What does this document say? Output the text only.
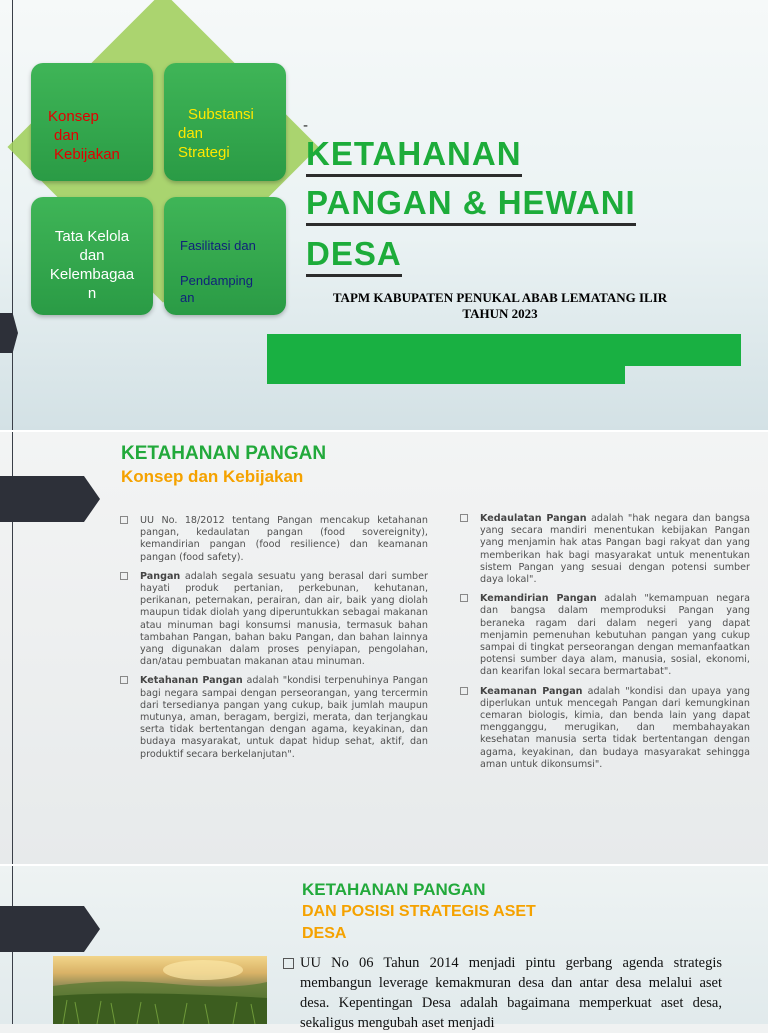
Konsep
dan
Kebijakan
Substansi
dan
Strategi
Tata Kelola
dan
Kelembagaa
n
Fasilitasi dan
Pendamping
an
-
KETAHANAN
PANGAN & HEWANI
DESA
TAPM KABUPATEN PENUKAL ABAB LEMATANG ILIR
TAHUN 2023
KETAHANAN PANGAN
Konsep dan Kebijakan

UU No. 18/2012 tentang Pangan mencakup ketahanan pangan, kedaulatan pangan (food sovereignity), kemandirian pangan (food resilience) dan keamanan pangan (food safety).

Pangan adalah segala sesuatu yang berasal dari sumber hayati produk pertanian, perkebunan, kehutanan, perikanan, peternakan, perairan, dan air, baik yang diolah maupun tidak diolah yang diperuntukkan sebagai makanan atau minuman bagi konsumsi manusia, termasuk bahan tambahan Pangan, bahan baku Pangan, dan bahan lainnya yang digunakan dalam proses penyiapan, pengolahan, dan/atau pembuatan makanan atau minuman.

Ketahanan Pangan adalah "kondisi terpenuhinya Pangan bagi negara sampai dengan perseorangan, yang tercermin dari tersedianya pangan yang cukup, baik jumlah maupun mutunya, aman, beragam, bergizi, merata, dan terjangkau serta tidak bertentangan dengan agama, keyakinan, dan budaya masyarakat, untuk dapat hidup sehat, aktif, dan produktif secara berkelanjutan".

Kedaulatan Pangan adalah "hak negara dan bangsa yang secara mandiri menentukan kebijakan Pangan yang menjamin hak atas Pangan bagi rakyat dan yang memberikan hak bagi masyarakat untuk menentukan sistem Pangan yang sesuai dengan potensi sumber daya lokal".

Kemandirian Pangan adalah "kemampuan negara dan bangsa dalam memproduksi Pangan yang beraneka ragam dari dalam negeri yang dapat menjamin pemenuhan kebutuhan pangan yang cukup sampai di tingkat perseorangan dengan memanfaatkan potensi sumber daya alam, manusia, sosial, ekonomi, dan kearifan lokal secara bermartabat".

Keamanan Pangan adalah "kondisi dan upaya yang diperlukan untuk mencegah Pangan dari kemungkinan cemaran biologis, kimia, dan benda lain yang dapat mengganggu, merugikan, dan membahayakan kesehatan manusia serta tidak bertentangan dengan agama, keyakinan, dan budaya masyarakat sehingga aman untuk dikonsumsi".

KETAHANAN PANGAN
DAN POSISI STRATEGIS ASET
DESA
UU No 06 Tahun 2014 menjadi pintu gerbang agenda strategis membangun leverage kemakmuran desa dan antar desa melalui aset desa. Kepentingan Desa adalah bagaimana memperkuat aset desa, sekaligus mengubah aset menjadi
